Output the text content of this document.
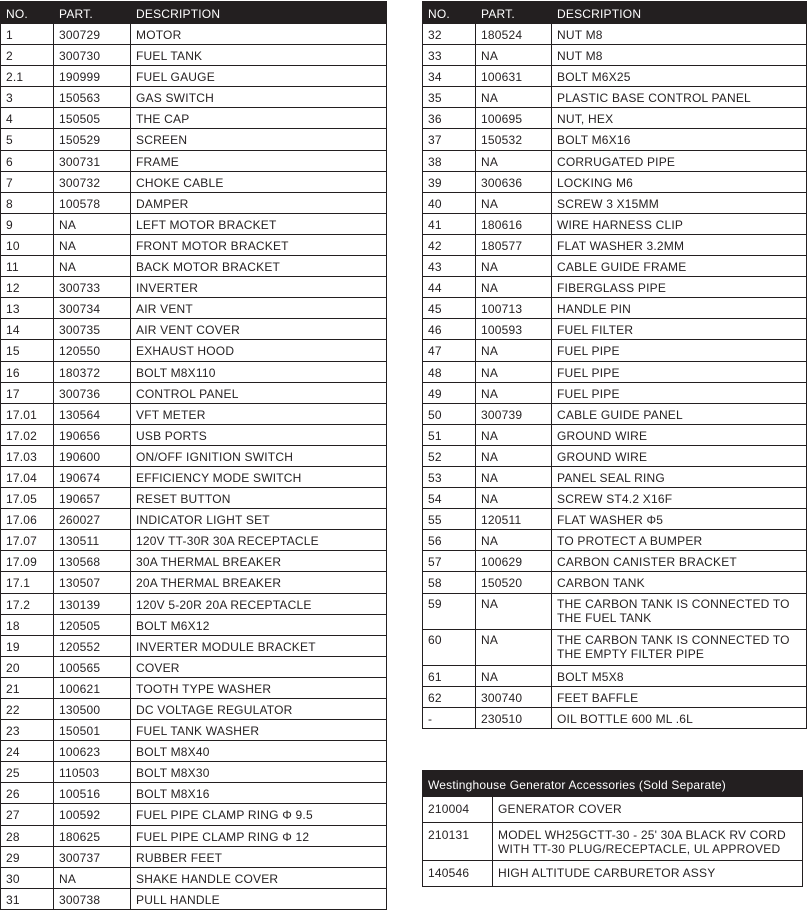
NO.	PART.	DESCRIPTION
1	300729	MOTOR
2	300730	FUEL TANK
2.1	190999	FUEL GAUGE
3	150563	GAS SWITCH
4	150505	THE CAP
5	150529	SCREEN
6	300731	FRAME
7	300732	CHOKE CABLE
8	100578	DAMPER
9	NA	LEFT MOTOR BRACKET
10	NA	FRONT MOTOR BRACKET
11	NA	BACK MOTOR BRACKET
12	300733	INVERTER
13	300734	AIR VENT
14	300735	AIR VENT COVER
15	120550	EXHAUST HOOD
16	180372	BOLT M8X110
17	300736	CONTROL PANEL
17.01	130564	VFT METER
17.02	190656	USB PORTS
17.03	190600	ON/OFF IGNITION SWITCH
17.04	190674	EFFICIENCY MODE SWITCH
17.05	190657	RESET BUTTON
17.06	260027	INDICATOR LIGHT SET
17.07	130511	120V TT-30R 30A RECEPTACLE
17.09	130568	30A THERMAL BREAKER
17.1	130507	20A THERMAL BREAKER
17.2	130139	120V 5-20R 20A RECEPTACLE
18	120505	BOLT M6X12
19	120552	INVERTER MODULE BRACKET
20	100565	COVER
21	100621	TOOTH TYPE WASHER
22	130500	DC VOLTAGE REGULATOR
23	150501	FUEL TANK WASHER
24	100623	BOLT M8X40
25	110503	BOLT M8X30
26	100516	BOLT M8X16
27	100592	FUEL PIPE CLAMP RING Φ 9.5
28	180625	FUEL PIPE CLAMP RING Φ 12
29	300737	RUBBER FEET
30	NA	SHAKE HANDLE COVER
31	300738	PULL HANDLE
NO.	PART.	DESCRIPTION
32	180524	NUT M8
33	NA	NUT M8
34	100631	BOLT M6X25
35	NA	PLASTIC BASE CONTROL PANEL
36	100695	NUT, HEX
37	150532	BOLT M6X16
38	NA	CORRUGATED PIPE
39	300636	LOCKING M6
40	NA	SCREW 3 X15MM
41	180616	WIRE HARNESS CLIP
42	180577	FLAT WASHER 3.2MM
43	NA	CABLE GUIDE FRAME
44	NA	FIBERGLASS PIPE
45	100713	HANDLE PIN
46	100593	FUEL FILTER
47	NA	FUEL PIPE
48	NA	FUEL PIPE
49	NA	FUEL PIPE
50	300739	CABLE GUIDE PANEL
51	NA	GROUND WIRE
52	NA	GROUND WIRE
53	NA	PANEL SEAL RING
54	NA	SCREW ST4.2 X16F
55	120511	FLAT WASHER Φ5
56	NA	TO PROTECT A BUMPER
57	100629	CARBON CANISTER BRACKET
58	150520	CARBON TANK
59	NA	THE CARBON TANK IS CONNECTED TO THE FUEL TANK
60	NA	THE CARBON TANK IS CONNECTED TO THE EMPTY FILTER PIPE
61	NA	BOLT M5X8
62	300740	FEET BAFFLE
-	230510	OIL BOTTLE 600 ML .6L
Westinghouse Generator Accessories (Sold Separate)	
210004	GENERATOR COVER
210131	MODEL WH25GCTT-30 - 25' 30A BLACK RV CORD WITH TT-30 PLUG/RECEPTACLE, UL APPROVED
140546	HIGH ALTITUDE CARBURETOR ASSY
